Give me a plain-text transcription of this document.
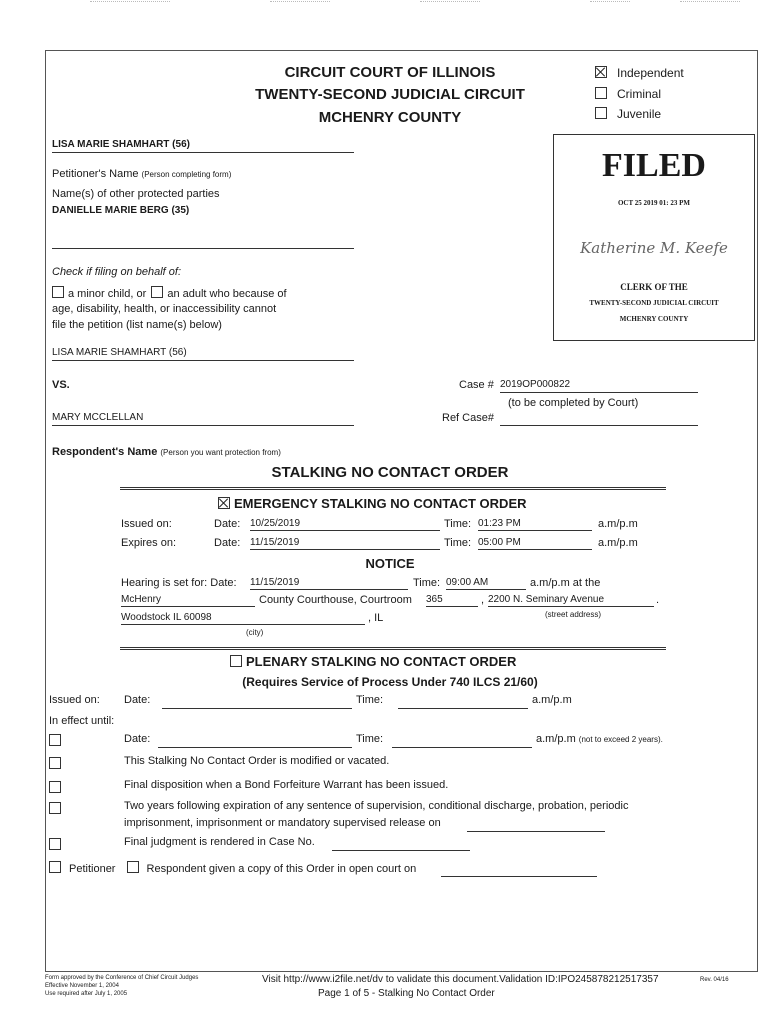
CIRCUIT COURT OF ILLINOIS
TWENTY-SECOND JUDICIAL CIRCUIT
MCHENRY COUNTY
Independent
Criminal
Juvenile
FILED
OCT 25 2019 01: 23 PM
Katherine M. Keefe
CLERK OF THE
TWENTY-SECOND JUDICIAL CIRCUIT
MCHENRY COUNTY
LISA MARIE SHAMHART (56)
Petitioner's Name (Person completing form)
Name(s) of other protected parties
DANIELLE MARIE BERG (35)
Check if filing on behalf of:
a minor child, or an adult who because of
age, disability, health, or inaccessibility cannot
file the petition (list name(s) below)
LISA MARIE SHAMHART (56)
VS.	Case # 2019OP000822
(to be completed by Court)
MARY MCCLELLAN	Ref Case#
Respondent's Name (Person you want protection from)
STALKING NO CONTACT ORDER
EMERGENCY STALKING NO CONTACT ORDER
Issued on:	Date: 10/25/2019	Time: 01:23 PM	a.m/p.m
Expires on:	Date: 11/15/2019	Time: 05:00 PM	a.m/p.m
NOTICE
Hearing is set for: Date: 11/15/2019	Time: 09:00 AM	a.m/p.m at the
McHenry	County Courthouse, Courtroom 365	, 2200 N. Seminary Avenue	.
(street address)
Woodstock IL 60098	, IL
(city)
PLENARY STALKING NO CONTACT ORDER
(Requires Service of Process Under 740 ILCS 21/60)
Issued on: Date:	Time:	a.m/p.m
In effect until:
Date:	Time:	a.m/p.m (not to exceed 2 years).
This Stalking No Contact Order is modified or vacated.
Final disposition when a Bond Forfeiture Warrant has been issued.
Two years following expiration of any sentence of supervision, conditional discharge, probation, periodic
imprisonment, imprisonment or mandatory supervised release on
Final judgment is rendered in Case No.
Petitioner	Respondent given a copy of this Order in open court on
Form approved by the Conference of Chief Circuit Judges
Effective November 1, 2004
Use required after July 1, 2005
Visit http://www.i2file.net/dv to validate this document.Validation ID:IPO245878212517357
Page 1 of 5 - Stalking No Contact Order
Rev. 04/16
